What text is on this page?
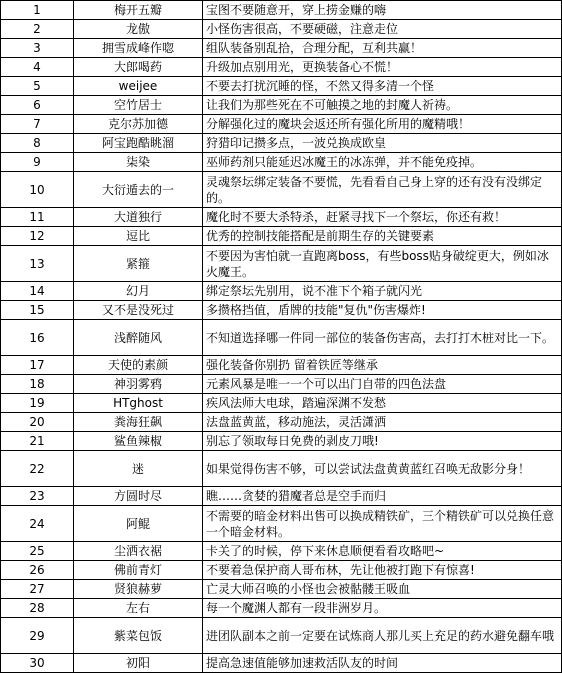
1	梅开五瓣	宝图不要随意开，穿上捞金赚的嗨
2	龙傲	小怪伤害很高，不要硬磁，注意走位
3	拥雪成峰作唿	组队装备别乱拾，合理分配，互利共赢！
4	大郎喝药	升级加点别用光，更换装备心不慌！
5	weijee	不要去打扰沉睡的怪，不然又得多清一个怪
6	空竹居士	让我们为那些死在不可触摸之地的封魔人祈祷。
7	克尔苏加德	分解强化过的魔块会返还所有强化所用的魔精哦！
8	阿宝跑酷眺溜	狩猎印记攒多点，一波兑换成欧皇
9	柒染	巫师药剂只能延迟冰魔王的冰冻弹，并不能免疫掉。
10	大衍遁去的一	灵魂祭坛绑定装备不要慌，先看看自己身上穿的还有没有没绑定的。
11	大道独行	魔化时不要大杀特杀，赶紧寻找下一个祭坛，你还有救！
12	逗比	优秀的控制技能搭配是前期生存的关键要素
13	紧箍	不要因为害怕就一直跑离boss，有些boss贴身破绽更大，例如冰火魔王。
14	幻月	绑定祭坛先别用，说不准下个箱子就闪光
15	又不是没死过	多攒格挡值，盾牌的技能"复仇"伤害爆炸!
16	浅醉随风	不知道选择哪一件同一部位的装备伤害高，去打打木桩对比一下。
17	天使的素颜	强化装备你别扔 留着铁匠等继承
18	神羽雾鸦	元素风暴是唯一一个可以出门自带的四色法盘
19	HTghost	疾风法师大电球，踏遍深渊不发愁
20	粪海狂飙	法盘蓝黄蓝，移动施法，灵活潇洒
21	鲨鱼辣椒	别忘了领取每日免费的剥皮刀哦!
22	迷	如果觉得伤害不够，可以尝试法盘黄黄蓝红召唤无敌影分身！
23	方圆时尽	瞧……贪婪的猎魔者总是空手而归
24	阿鲲	不需要的暗金材料出售可以换成精铁矿，三个精铁矿可以兑换任意一个暗金材料。
25	尘洒衣裾	卡关了的时候，停下来休息顺便看看攻略吧~
26	佛前青灯	不要着急保护商人哥布林，先让他被打跑下有惊喜!
27	贤狼赫萝	亡灵大师召唤的小怪也会被骷髅王吸血
28	左右	每一个魔渊人都有一段非洲岁月。
29	紫菜包饭	进团队副本之前一定要在试炼商人那儿买上充足的药水避免翻车哦
30	初阳	提高急速值能够加速救活队友的时间
